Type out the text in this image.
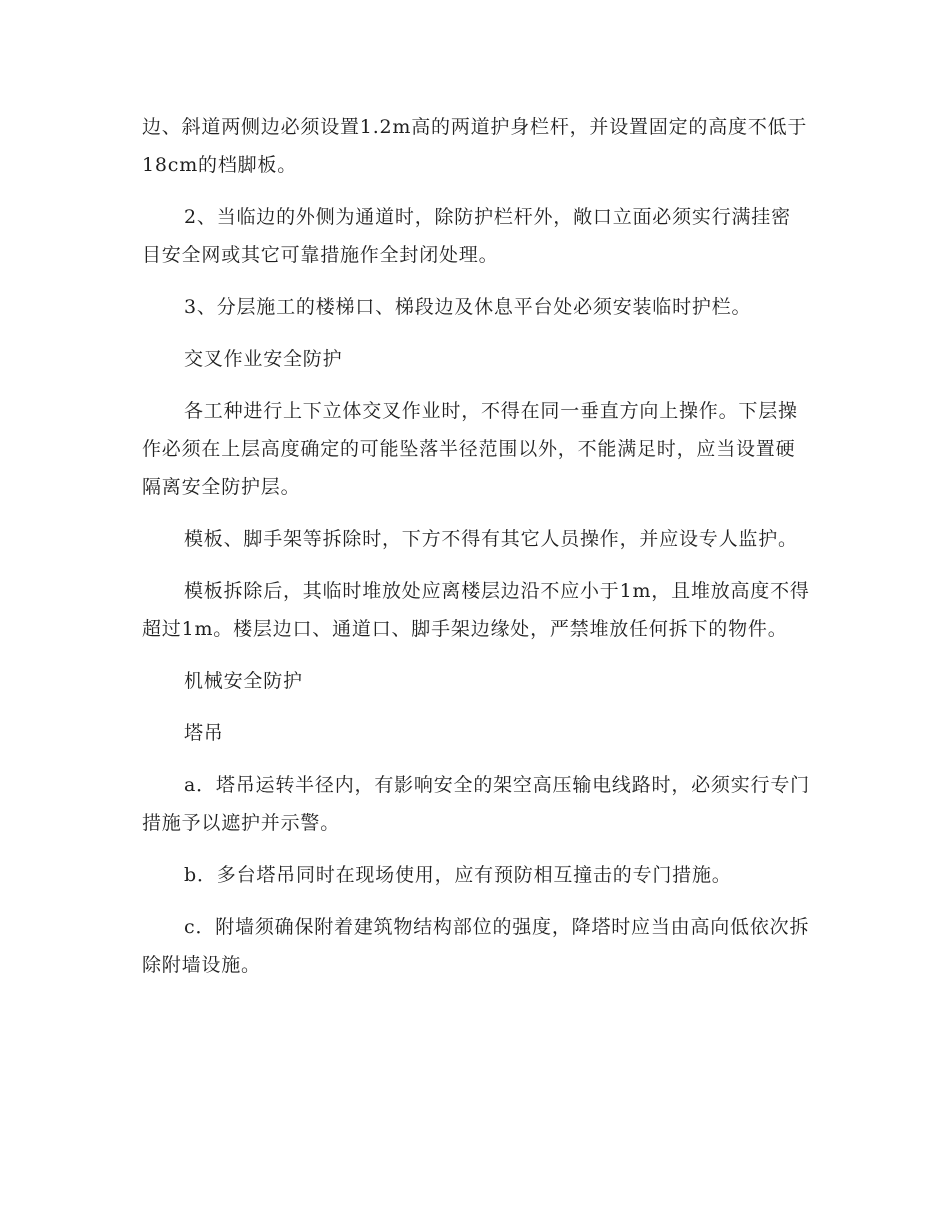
边、斜道两侧边必须设置1.2m高的两道护身栏杆，并设置固定的高度不低于18cm的档脚板。

2、当临边的外侧为通道时，除防护栏杆外，敞口立面必须实行满挂密目安全网或其它可靠措施作全封闭处理。

3、分层施工的楼梯口、梯段边及休息平台处必须安装临时护栏。

交叉作业安全防护

各工种进行上下立体交叉作业时，不得在同一垂直方向上操作。下层操作必须在上层高度确定的可能坠落半径范围以外，不能满足时，应当设置硬隔离安全防护层。

模板、脚手架等拆除时，下方不得有其它人员操作，并应设专人监护。

模板拆除后，其临时堆放处应离楼层边沿不应小于1m，且堆放高度不得超过1m。楼层边口、通道口、脚手架边缘处，严禁堆放任何拆下的物件。

机械安全防护

塔吊

a．塔吊运转半径内，有影响安全的架空高压输电线路时，必须实行专门措施予以遮护并示警。

b．多台塔吊同时在现场使用，应有预防相互撞击的专门措施。

c．附墙须确保附着建筑物结构部位的强度，降塔时应当由高向低依次拆除附墙设施。
